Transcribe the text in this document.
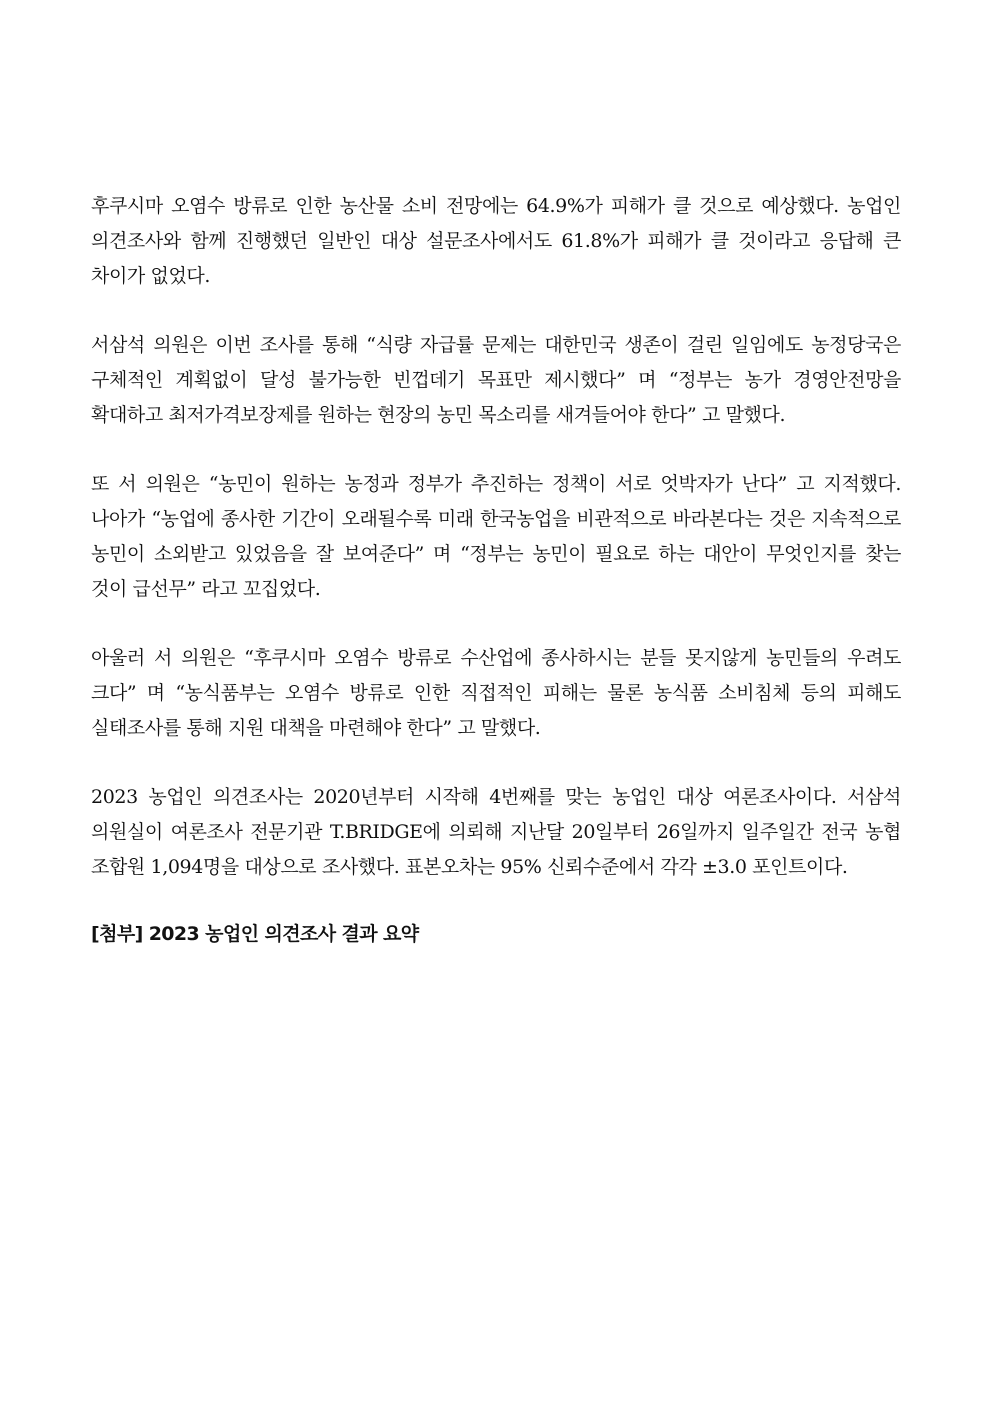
후쿠시마 오염수 방류로 인한 농산물 소비 전망에는 64.9%가 피해가 클 것으로 예상했다. 농업인 의견조사와 함께 진행했던 일반인 대상 설문조사에서도 61.8%가 피해가 클 것이라고 응답해 큰 차이가 없었다.

서삼석 의원은 이번 조사를 통해 “식량 자급률 문제는 대한민국 생존이 걸린 일임에도 농정당국은 구체적인 계획없이 달성 불가능한 빈껍데기 목표만 제시했다” 며 “정부는 농가 경영안전망을 확대하고 최저가격보장제를 원하는 현장의 농민 목소리를 새겨들어야 한다” 고 말했다.

또 서 의원은 “농민이 원하는 농정과 정부가 추진하는 정책이 서로 엇박자가 난다” 고 지적했다. 나아가 “농업에 종사한 기간이 오래될수록 미래 한국농업을 비관적으로 바라본다는 것은 지속적으로 농민이 소외받고 있었음을 잘 보여준다” 며 “정부는 농민이 필요로 하는 대안이 무엇인지를 찾는 것이 급선무” 라고 꼬집었다.

아울러 서 의원은 “후쿠시마 오염수 방류로 수산업에 종사하시는 분들 못지않게 농민들의 우려도 크다” 며 “농식품부는 오염수 방류로 인한 직접적인 피해는 물론 농식품 소비침체 등의 피해도 실태조사를 통해 지원 대책을 마련해야 한다” 고 말했다.

2023 농업인 의견조사는 2020년부터 시작해 4번째를 맞는 농업인 대상 여론조사이다. 서삼석 의원실이 여론조사 전문기관 T.BRIDGE에 의뢰해 지난달 20일부터 26일까지 일주일간 전국 농협 조합원 1,094명을 대상으로 조사했다. 표본오차는 95% 신뢰수준에서 각각 ±3.0 포인트이다.

[첨부] 2023 농업인 의견조사 결과 요약
